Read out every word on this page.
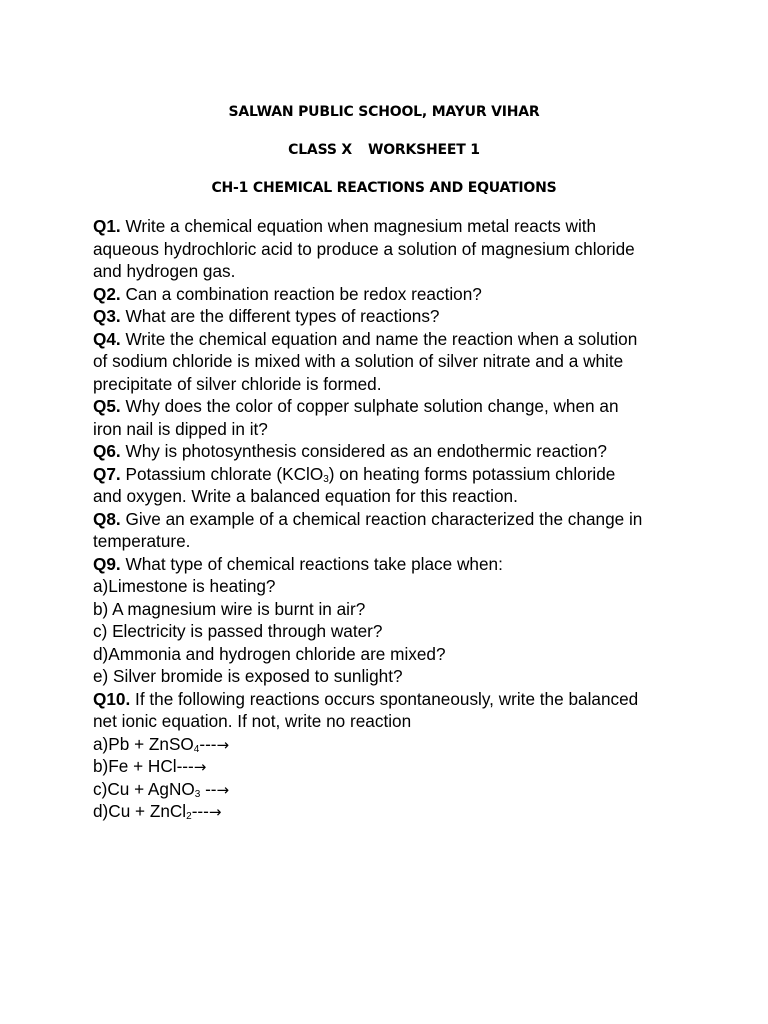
SALWAN PUBLIC SCHOOL, MAYUR VIHAR
CLASS X WORKSHEET 1
CH-1 CHEMICAL REACTIONS AND EQUATIONS
Q1. Write a chemical equation when magnesium metal reacts with
aqueous hydrochloric acid to produce a solution of magnesium chloride
and hydrogen gas.
Q2. Can a combination reaction be redox reaction?
Q3. What are the different types of reactions?
Q4. Write the chemical equation and name the reaction when a solution
of sodium chloride is mixed with a solution of silver nitrate and a white
precipitate of silver chloride is formed.
Q5. Why does the color of copper sulphate solution change, when an
iron nail is dipped in it?
Q6. Why is photosynthesis considered as an endothermic reaction?
Q7. Potassium chlorate (KClO$_3$) on heating forms potassium chloride
and oxygen. Write a balanced equation for this reaction.
Q8. Give an example of a chemical reaction characterized the change in
temperature.
Q9. What type of chemical reactions take place when:
a)Limestone is heating?
b) A magnesium wire is burnt in air?
c) Electricity is passed through water?
d)Ammonia and hydrogen chloride are mixed?
e) Silver bromide is exposed to sunlight?
Q10. If the following reactions occurs spontaneously, write the balanced
net ionic equation. If not, write no reaction
a)Pb + ZnSO$_4$---→
b)Fe + HCl---→
c)Cu + AgNO$_3$ --→
d)Cu + ZnCl$_2$---→
